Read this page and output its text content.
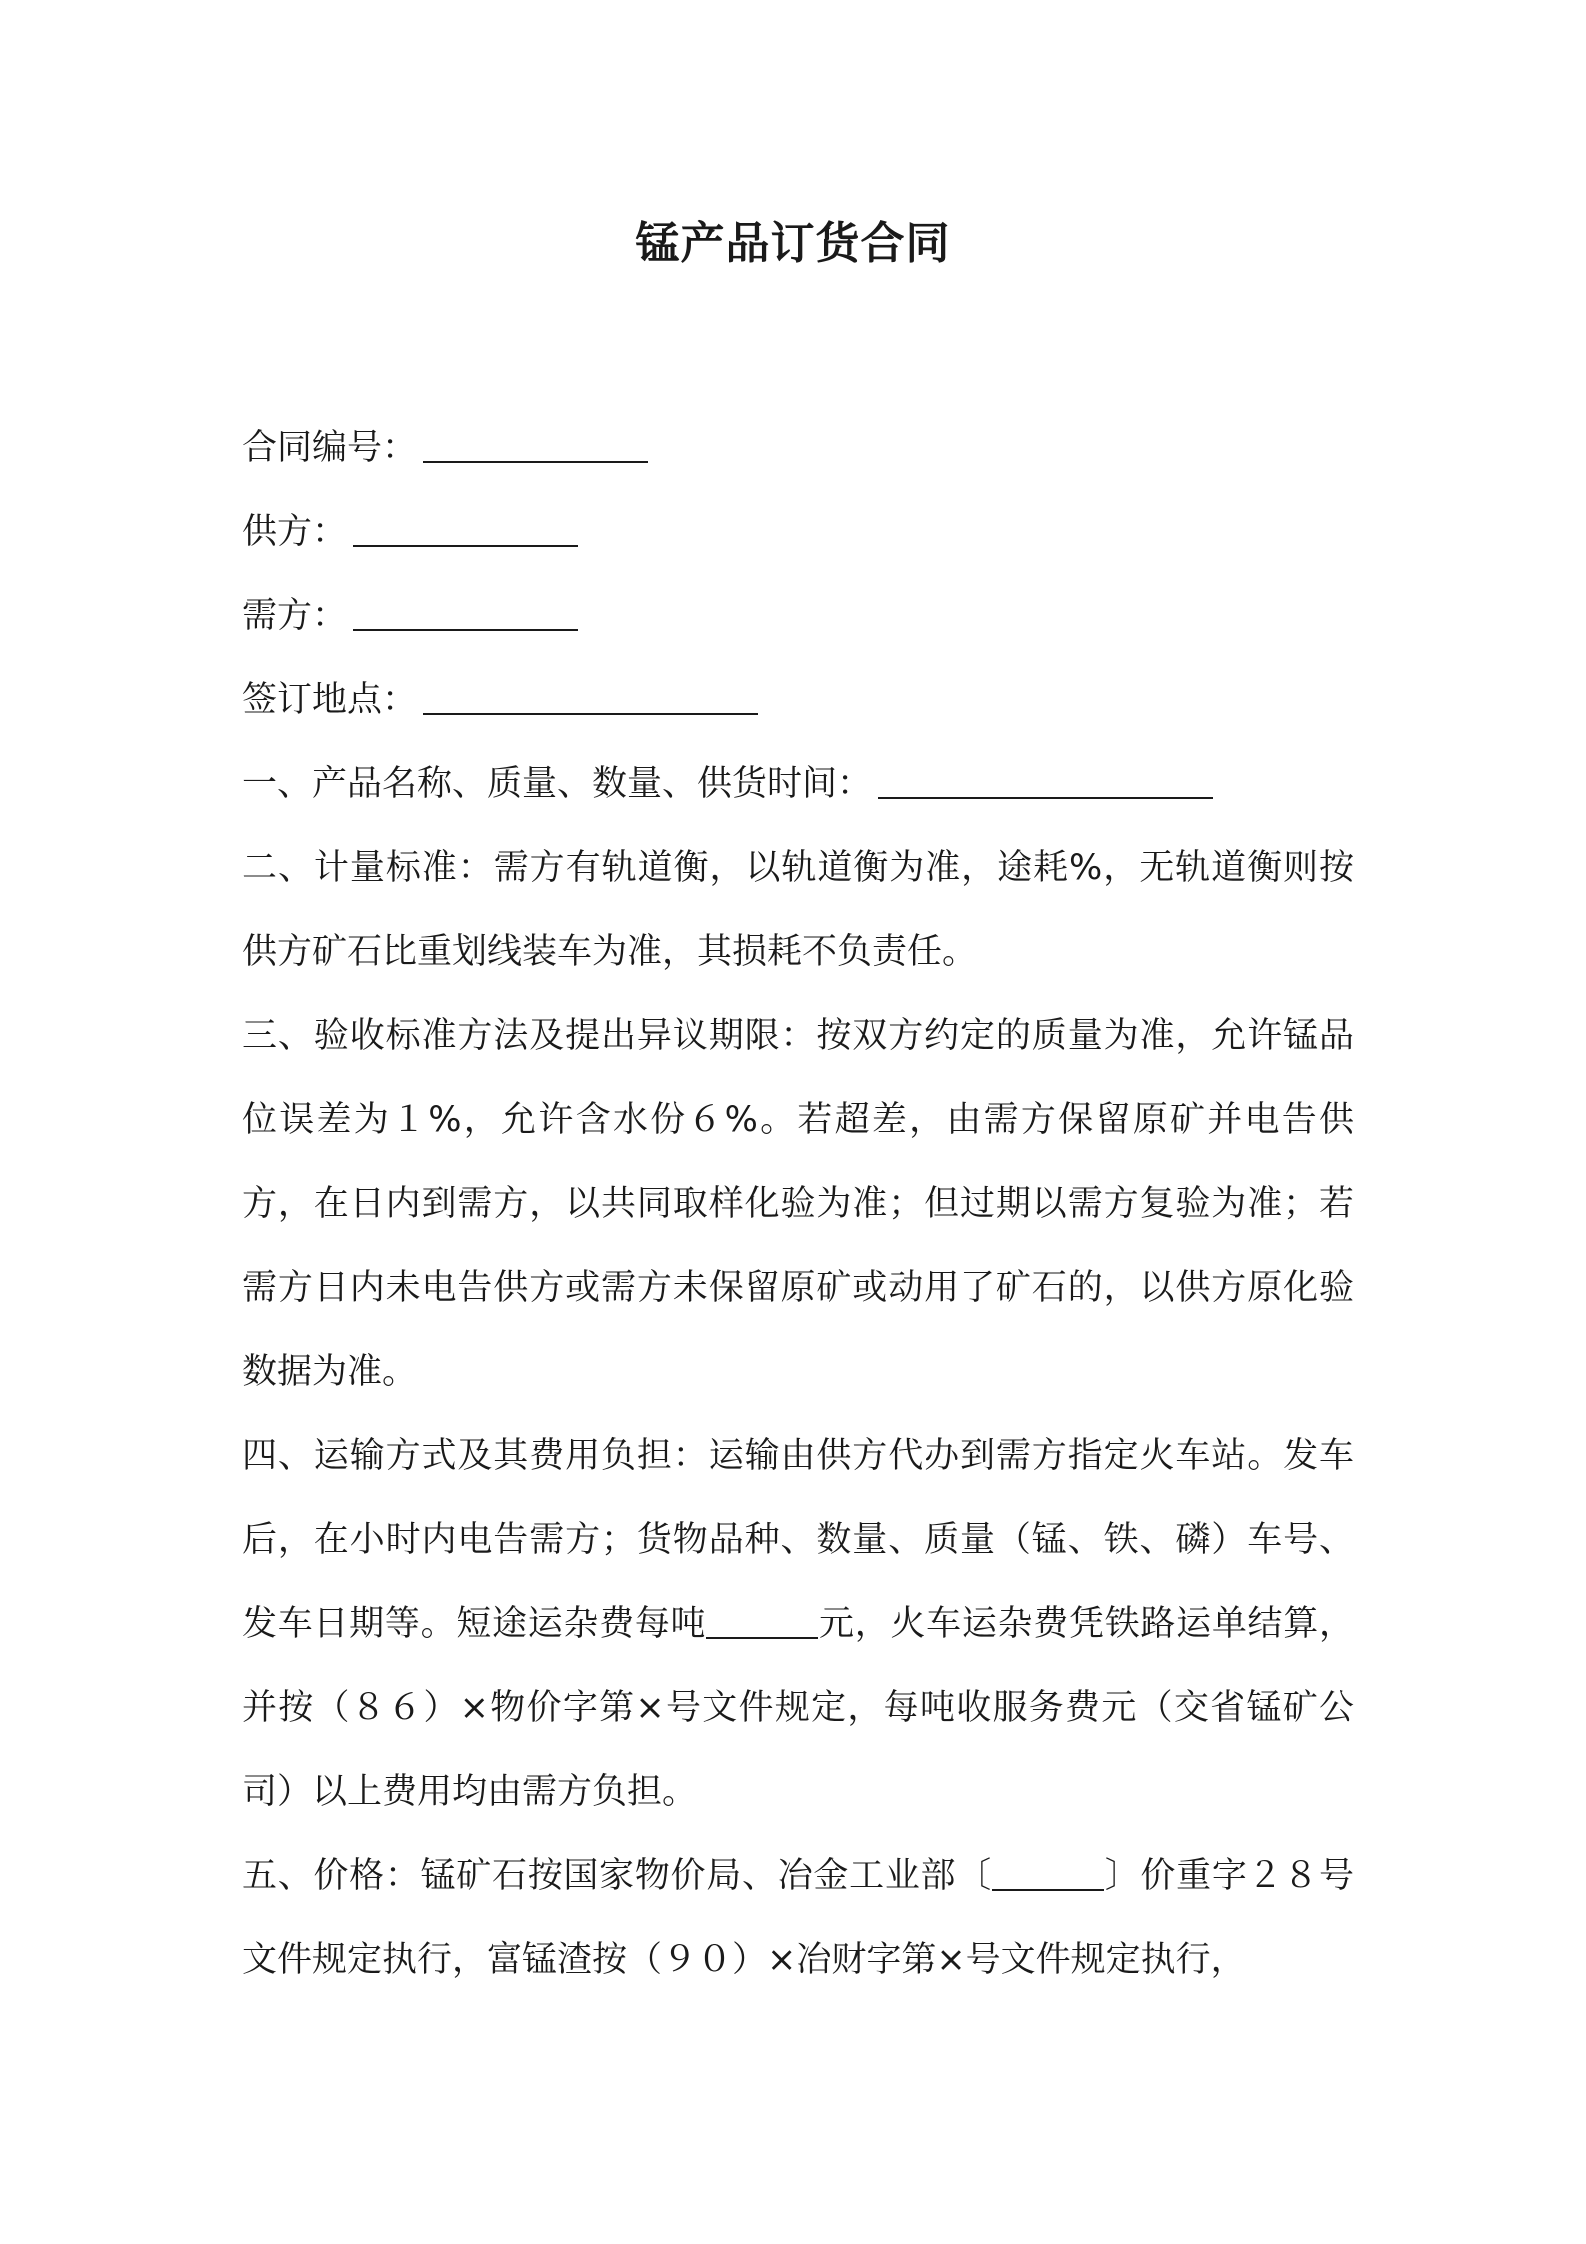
锰产品订货合同

合同编号：

供方：

需方：

签订地点：

一、产品名称、质量、数量、供货时间：

二、计量标准：需方有轨道衡，以轨道衡为准，途耗%，无轨道衡则按供方矿石比重划线装车为准，其损耗不负责任。

三、验收标准方法及提出异议期限：按双方约定的质量为准，允许锰品位误差为１%，允许含水份６%。若超差，由需方保留原矿并电告供方，在日内到需方，以共同取样化验为准；但过期以需方复验为准；若需方日内未电告供方或需方未保留原矿或动用了矿石的，以供方原化验数据为准。

四、运输方式及其费用负担：运输由供方代办到需方指定火车站。发车后，在小时内电告需方；货物品种、数量、质量（锰、铁、磷）车号、发车日期等。短途运杂费每吨	元，火车运杂费凭铁路运单结算，并按（８６）×物价字第×号文件规定，每吨收服务费元（交省锰矿公司）以上费用均由需方负担。

五、价格：锰矿石按国家物价局、冶金工业部〔	〕价重字２８号文件规定执行，富锰渣按（９０）×冶财字第×号文件规定执行，
